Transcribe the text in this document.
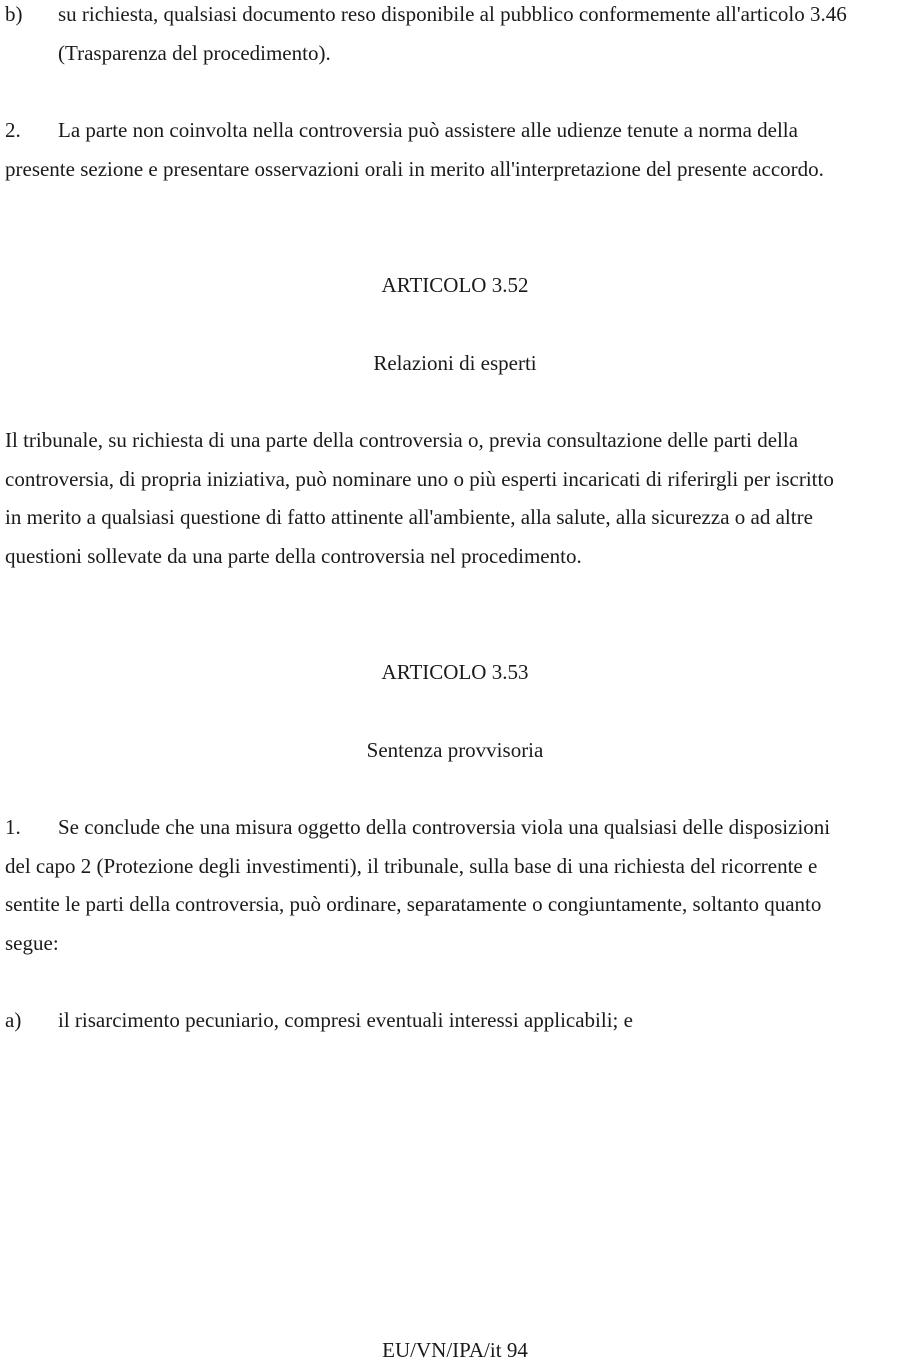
b) su richiesta, qualsiasi documento reso disponibile al pubblico conformemente all'articolo 3.46
(Trasparenza del procedimento).
2. La parte non coinvolta nella controversia può assistere alle udienze tenute a norma della
presente sezione e presentare osservazioni orali in merito all'interpretazione del presente accordo.
ARTICOLO 3.52
Relazioni di esperti
Il tribunale, su richiesta di una parte della controversia o, previa consultazione delle parti della
controversia, di propria iniziativa, può nominare uno o più esperti incaricati di riferirgli per iscritto
in merito a qualsiasi questione di fatto attinente all'ambiente, alla salute, alla sicurezza o ad altre
questioni sollevate da una parte della controversia nel procedimento.
ARTICOLO 3.53
Sentenza provvisoria
1. Se conclude che una misura oggetto della controversia viola una qualsiasi delle disposizioni
del capo 2 (Protezione degli investimenti), il tribunale, sulla base di una richiesta del ricorrente e
sentite le parti della controversia, può ordinare, separatamente o congiuntamente, soltanto quanto
segue:
a) il risarcimento pecuniario, compresi eventuali interessi applicabili; e
EU/VN/IPA/it 94
